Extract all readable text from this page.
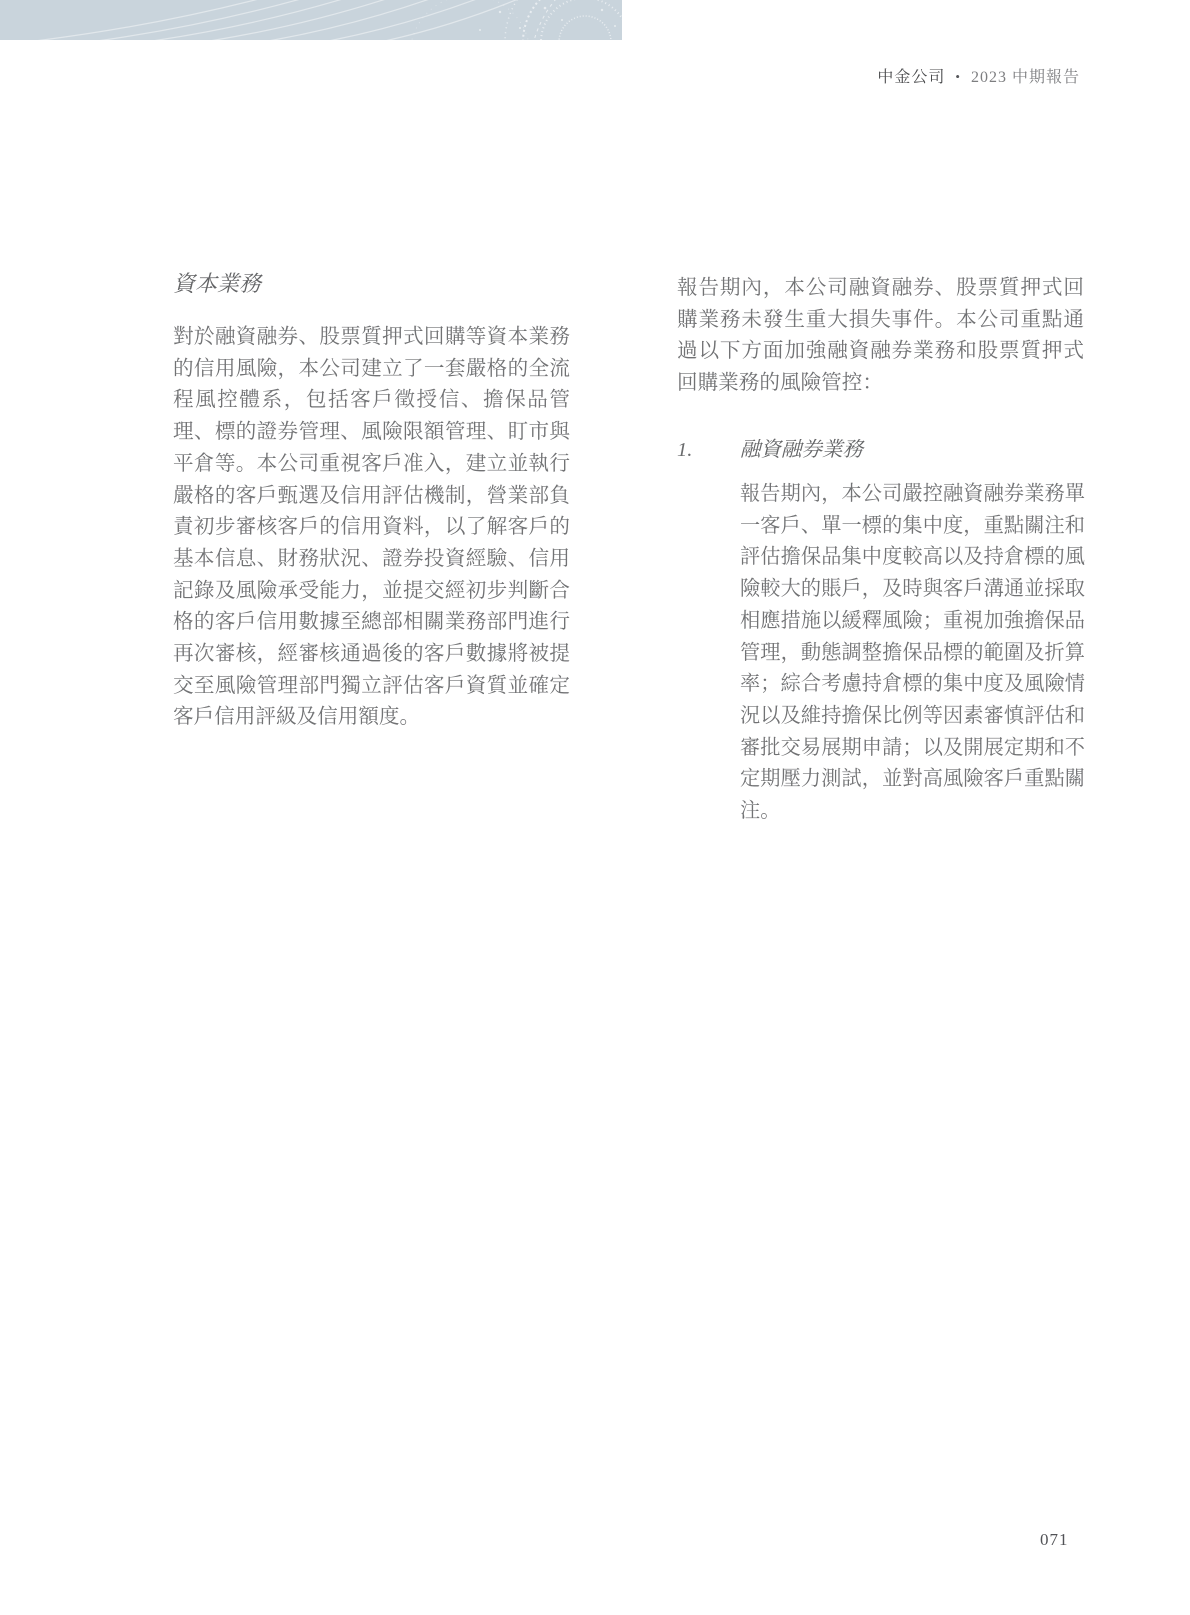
中金公司 • 2023 中期報告
資本業務
對於融資融券、股票質押式回購等資本業務的信用風險，本公司建立了一套嚴格的全流程風控體系，包括客戶徵授信、擔保品管理、標的證券管理、風險限額管理、盯市與平倉等。本公司重視客戶准入，建立並執行嚴格的客戶甄選及信用評估機制，營業部負責初步審核客戶的信用資料，以了解客戶的基本信息、財務狀況、證券投資經驗、信用記錄及風險承受能力，並提交經初步判斷合格的客戶信用數據至總部相關業務部門進行再次審核，經審核通過後的客戶數據將被提交至風險管理部門獨立評估客戶資質並確定客戶信用評級及信用額度。
報告期內，本公司融資融券、股票質押式回購業務未發生重大損失事件。本公司重點通過以下方面加強融資融券業務和股票質押式回購業務的風險管控：
1. 融資融券業務
報告期內，本公司嚴控融資融券業務單一客戶、單一標的集中度，重點關注和評估擔保品集中度較高以及持倉標的風險較大的賬戶，及時與客戶溝通並採取相應措施以緩釋風險；重視加強擔保品管理，動態調整擔保品標的範圍及折算率；綜合考慮持倉標的集中度及風險情況以及維持擔保比例等因素審慎評估和審批交易展期申請；以及開展定期和不定期壓力測試，並對高風險客戶重點關注。
071
